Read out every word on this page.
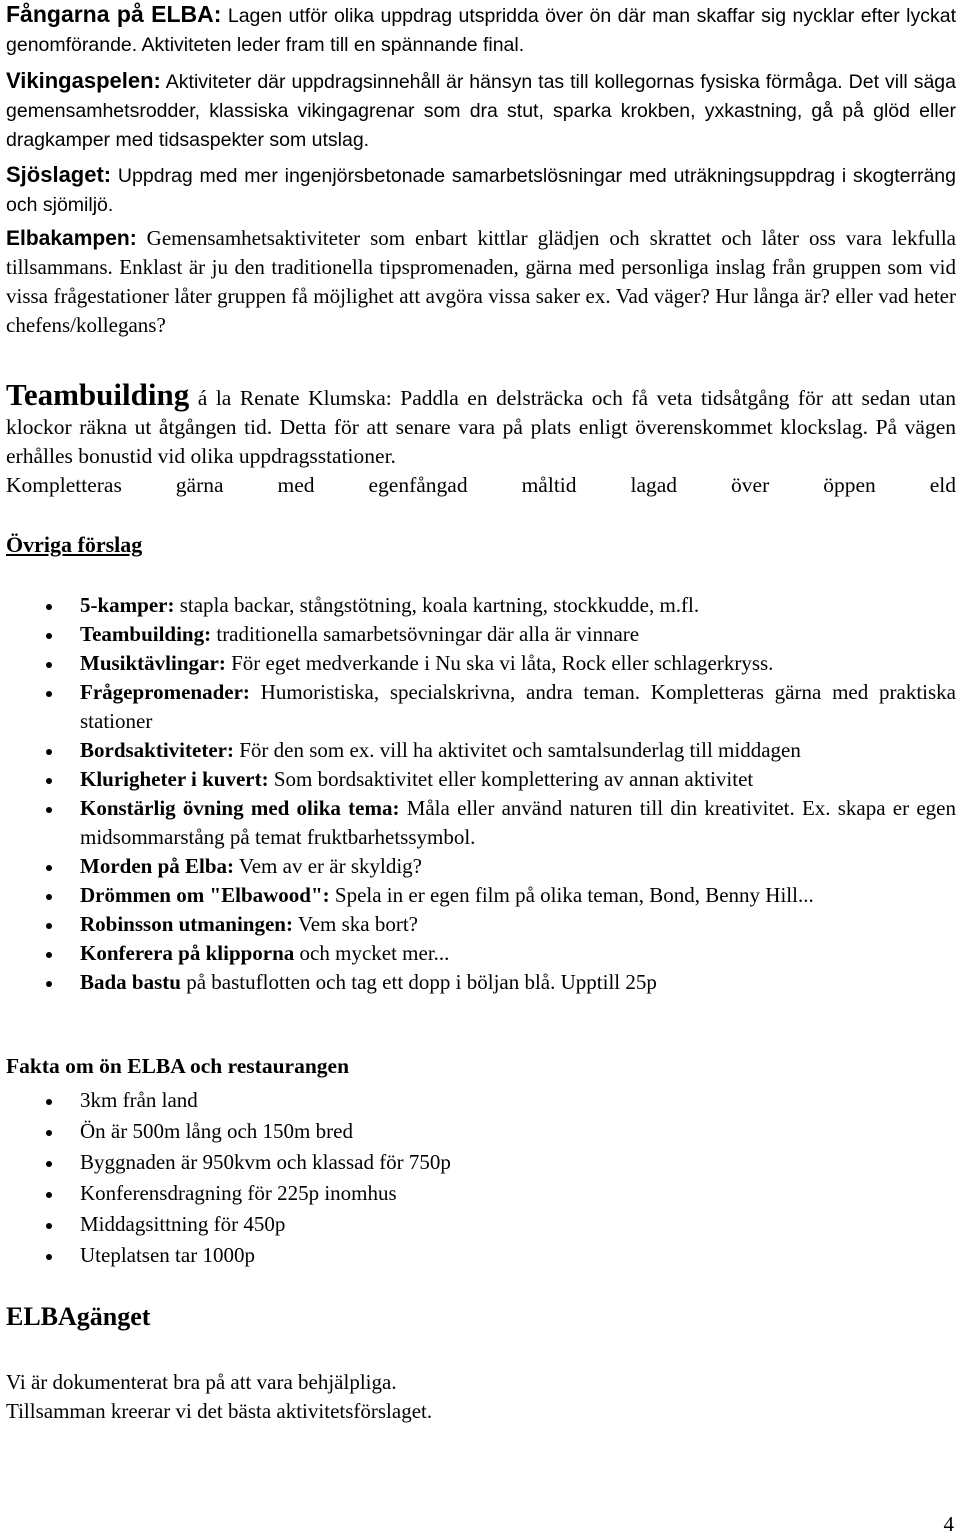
Fångarna på ELBA: Lagen utför olika uppdrag utspridda över ön där man skaffar sig nycklar efter lyckat genomförande. Aktiviteten leder fram till en spännande final.

Vikingaspelen: Aktiviteter där uppdragsinnehåll är hänsyn tas till kollegornas fysiska förmåga. Det vill säga gemensamhetsrodder, klassiska vikingagrenar som dra stut, sparka krokben, yxkastning, gå på glöd eller dragkamper med tidsaspekter som utslag.

Sjöslaget: Uppdrag med mer ingenjörsbetonade samarbetslösningar med uträkningsuppdrag i skogterräng och sjömiljö.

Elbakampen: Gemensamhetsaktiviteter som enbart kittlar glädjen och skrattet och låter oss vara lekfulla tillsammans. Enklast är ju den traditionella tipspromenaden, gärna med personliga inslag från gruppen som vid vissa frågestationer låter gruppen få möjlighet att avgöra vissa saker ex. Vad väger? Hur långa är? eller vad heter chefens/kollegans?

Teambuilding á la Renate Klumska: Paddla en delsträcka och få veta tidsåtgång för att sedan utan klockor räkna ut åtgången tid. Detta för att senare vara på plats enligt överenskommet klockslag. På vägen erhålles bonustid vid olika uppdragsstationer.

Kompletteras gärna med egenfångad måltid lagad över öppen eld

Övriga förslag
5-kamper: stapla backar, stångstötning, koala kartning, stockkudde, m.fl.
Teambuilding: traditionella samarbetsövningar där alla är vinnare
Musiktävlingar: För eget medverkande i Nu ska vi låta, Rock eller schlagerkryss.
Frågepromenader: Humoristiska, specialskrivna, andra teman. Kompletteras gärna med praktiska stationer
Bordsaktiviteter: För den som ex. vill ha aktivitet och samtalsunderlag till middagen
Klurigheter i kuvert: Som bordsaktivitet eller komplettering av annan aktivitet
Konstärlig övning med olika tema: Måla eller använd naturen till din kreativitet. Ex. skapa er egen midsommarstång på temat fruktbarhetssymbol.
Morden på Elba: Vem av er är skyldig?
Drömmen om "Elbawood": Spela in er egen film på olika teman, Bond, Benny Hill...
Robinsson utmaningen: Vem ska bort?
Konferera på klipporna och mycket mer...
Bada bastu på bastuflotten och tag ett dopp i böljan blå. Upptill 25p
Fakta om ön ELBA och restaurangen
3km från land
Ön är 500m lång och 150m bred
Byggnaden är 950kvm och klassad för 750p
Konferensdragning för 225p inomhus
Middagsittning för 450p
Uteplatsen tar 1000p
ELBAgänget
Vi är dokumenterat bra på att vara behjälpliga.
Tillsamman kreerar vi det bästa aktivitetsförslaget.
4
